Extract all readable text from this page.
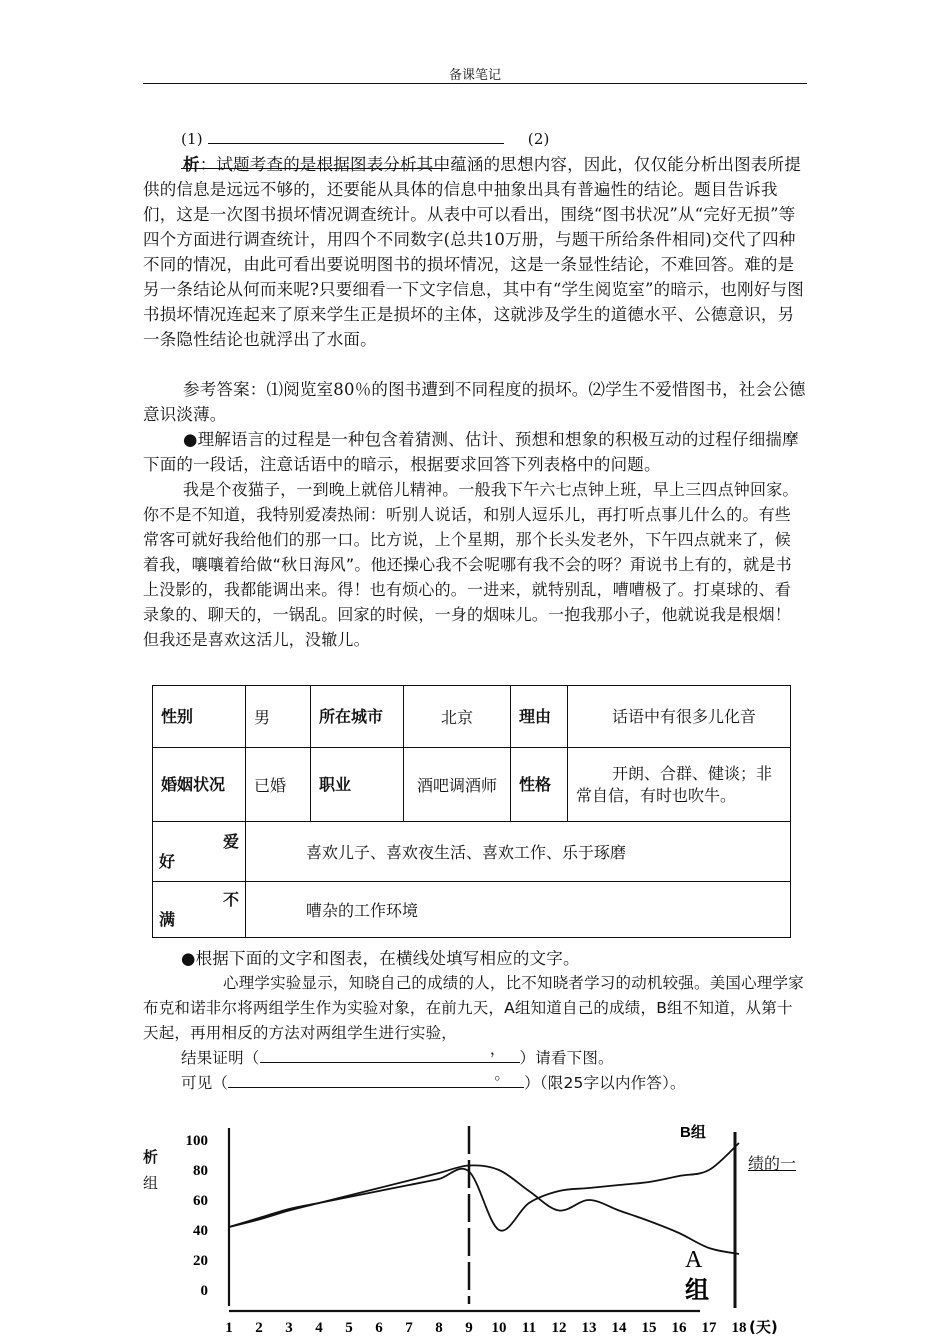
备课笔记
(1)	(2)

析：试题考查的是根据图表分析其中蕴涵的思想内容，因此，仅仅能分析出图表所提供的信息是远远不够的，还要能从具体的信息中抽象出具有普遍性的结论。题目告诉我们，这是一次图书损坏情况调查统计。从表中可以看出，围绕“图书状况”从“完好无损”等四个方面进行调查统计，用四个不同数字(总共10万册，与题干所给条件相同)交代了四种不同的情况，由此可看出要说明图书的损坏情况，这是一条显性结论，不难回答。难的是另一条结论从何而来呢?只要细看一下文字信息，其中有“学生阅览室”的暗示，也刚好与图书损坏情况连起来了原来学生正是损坏的主体，这就涉及学生的道德水平、公德意识，另一条隐性结论也就浮出了水面。

参考答案：⑴阅览室80％的图书遭到不同程度的损坏。⑵学生不爱惜图书，社会公德意识淡薄。

●理解语言的过程是一种包含着猜测、估计、预想和想象的积极互动的过程仔细揣摩下面的一段话，注意话语中的暗示，根据要求回答下列表格中的问题。

我是个夜猫子，一到晚上就倍儿精神。一般我下午六七点钟上班，早上三四点钟回家。你不是不知道，我特别爱凑热闹：听别人说话，和别人逗乐儿，再打听点事儿什么的。有些常客可就好我给他们的那一口。比方说，上个星期，那个长头发老外，下午四点就来了，候着我，嚷嚷着给做“秋日海风”。他还操心我不会呢哪有我不会的呀？甭说书上有的，就是书上没影的，我都能调出来。得！也有烦心的。一进来，就特别乱，嘈嘈极了。打桌球的、看录象的、聊天的，一锅乱。回家的时候，一身的烟味儿。一抱我那小子，他就说我是根烟！但我还是喜欢这活儿，没辙儿。

性别	男	所在城市	北京	理由	话语中有很多儿化音
婚姻状况	已婚	职业	酒吧调酒师	性格	开朗、合群、健谈；非常自信，有时也吹牛。

爱
好	喜欢儿子、喜欢夜生活、喜欢工作、乐于琢磨				

不
满	嘈杂的工作环境				

●根据下面的文字和图表，在横线处填写相应的文字。

心理学实验显示，知晓自己的成绩的人，比不知晓者学习的动机较强。美国心理学家布克和诺非尔将两组学生作为实验对象，在前九天，A组知道自己的成绩，B组不知道，从第十天起，再用相反的方法对两组学生进行实验，

结果证明（	， ）请看下图。
可见（	。 ）（限25字以内作答）。
析
组
绩的一
100
80
60
40
20
0
1 2 3 4 5 6 7 8 9 10 11 12 13 14 15 16 17 18 (天)
B组
A
组
